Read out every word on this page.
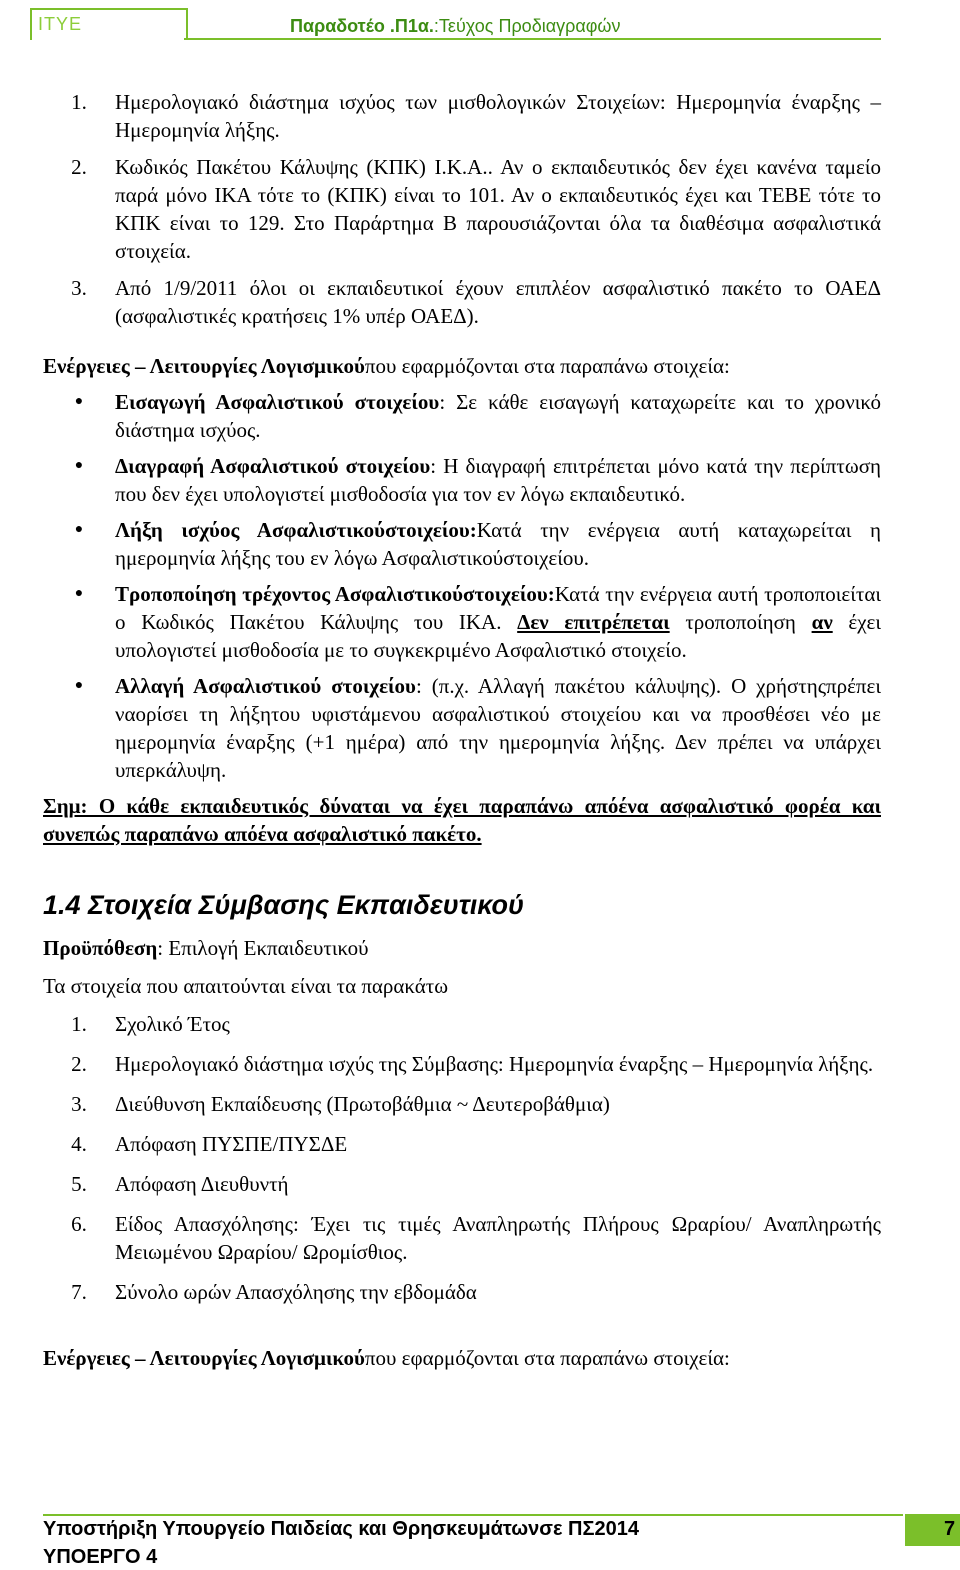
ITYE	Παραδοτέο .Π1α.:Τεύχος Προδιαγραφών
1.	Ημερολογιακό διάστημα ισχύος των μισθολογικών Στοιχείων: Ημερομηνία έναρξης – Ημερομηνία λήξης.
2.	Κωδικός Πακέτου Κάλυψης (ΚΠΚ) Ι.Κ.Α.. Αν ο εκπαιδευτικός δεν έχει κανένα ταμείο παρά μόνο ΙΚΑ τότε το (ΚΠΚ) είναι το 101. Αν ο εκπαιδευτικός έχει και ΤΕΒΕ τότε το ΚΠΚ είναι το 129. Στο Παράρτημα Β παρουσιάζονται όλα τα διαθέσιμα ασφαλιστικά στοιχεία.
3.	Από 1/9/2011 όλοι οι εκπαιδευτικοί έχουν επιπλέον ασφαλιστικό πακέτο το ΟΑΕΔ (ασφαλιστικές κρατήσεις 1% υπέρ ΟΑΕΔ).
Ενέργειες – Λειτουργίες Λογισμικούπου εφαρμόζονται στα παραπάνω στοιχεία:
●	Εισαγωγή Ασφαλιστικού στοιχείου: Σε κάθε εισαγωγή καταχωρείτε και το χρονικό διάστημα ισχύος.
●	Διαγραφή Ασφαλιστικού στοιχείου: Η διαγραφή επιτρέπεται μόνο κατά την περίπτωση που δεν έχει υπολογιστεί μισθοδοσία για τον εν λόγω εκπαιδευτικό.
●	Λήξη ισχύος Ασφαλιστικούστοιχείου:Κατά την ενέργεια αυτή καταχωρείται η ημερομηνία λήξης του εν λόγω Ασφαλιστικούστοιχείου.
●	Τροποποίηση τρέχοντος Ασφαλιστικούστοιχείου:Κατά την ενέργεια αυτή τροποποιείται ο Κωδικός Πακέτου Κάλυψης του ΙΚΑ. Δεν επιτρέπεται τροποποίηση αν έχει υπολογιστεί μισθοδοσία με το συγκεκριμένο Ασφαλιστικό στοιχείο.
●	Αλλαγή Ασφαλιστικού στοιχείου: (π.χ. Αλλαγή πακέτου κάλυψης). Ο χρήστηςπρέπει ναορίσει τη λήξητου υφιστάμενου ασφαλιστικού στοιχείου και να προσθέσει νέο με ημερομηνία έναρξης (+1 ημέρα) από την ημερομηνία λήξης. Δεν πρέπει να υπάρχει υπερκάλυψη.
Σημ: Ο κάθε εκπαιδευτικός δύναται να έχει παραπάνω απόένα ασφαλιστικό φορέα και συνεπώς παραπάνω απόένα ασφαλιστικό πακέτο.
1.4 Στοιχεία Σύμβασης Εκπαιδευτικού
Προϋπόθεση: Επιλογή Εκπαιδευτικού
Τα στοιχεία που απαιτούνται είναι τα παρακάτω
1.	Σχολικό Έτος
2.	Ημερολογιακό διάστημα ισχύς της Σύμβασης: Ημερομηνία έναρξης – Ημερομηνία λήξης.
3.	Διεύθυνση Εκπαίδευσης (Πρωτοβάθμια ~ Δευτεροβάθμια)
4.	Απόφαση ΠΥΣΠΕ/ΠΥΣΔΕ
5.	Απόφαση Διευθυντή
6.	Είδος Απασχόλησης: Έχει τις τιμές Αναπληρωτής Πλήρους Ωραρίου/ Αναπληρωτής Μειωμένου Ωραρίου/ Ωρομίσθιος.
7.	Σύνολο ωρών Απασχόλησης την εβδομάδα
Ενέργειες – Λειτουργίες Λογισμικούπου εφαρμόζονται στα παραπάνω στοιχεία:
Υποστήριξη Υπουργείο Παιδείας και Θρησκευμάτωνσε ΠΣ2014
ΥΠΟΕΡΓΟ 4
7
